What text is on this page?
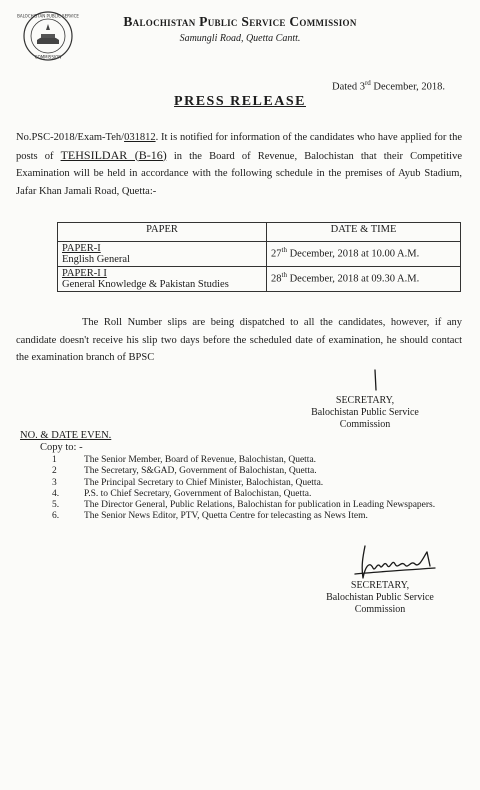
BALOCHISTAN PUBLIC SERVICE
COMMISSION
Balochistan Public Service Commission
Samungli Road, Quetta Cantt.
Dated 3rd December, 2018.
PRESS RELEASE
No.PSC-2018/Exam-Teh/031812. It is notified for information of the candidates who have applied for the posts of TEHSILDAR (B-16) in the Board of Revenue, Balochistan that their Competitive Examination will be held in accordance with the following schedule in the premises of Ayub Stadium, Jafar Khan Jamali Road, Quetta:-
PAPER	DATE & TIME

PAPER-I
English General	27th December, 2018 at 10.00 A.M.

PAPER-I I
General Knowledge & Pakistan Studies	28th December, 2018 at 09.30 A.M.
The Roll Number slips are being dispatched to all the candidates, however, if any candidate doesn't receive his slip two days before the scheduled date of examination, he should contact the examination branch of BPSC
SECRETARY,
Balochistan Public Service
Commission
NO. & DATE EVEN.
Copy to: -
1	The Senior Member, Board of Revenue, Balochistan, Quetta.
2	The Secretary, S&GAD, Government of Balochistan, Quetta.
3	The Principal Secretary to Chief Minister, Balochistan, Quetta.
4.	P.S. to Chief Secretary, Government of Balochistan, Quetta.
5.	The Director General, Public Relations, Balochistan for publication in Leading Newspapers.
6.	The Senior News Editor, PTV, Quetta Centre for telecasting as News Item.
SECRETARY,
Balochistan Public Service
Commission
